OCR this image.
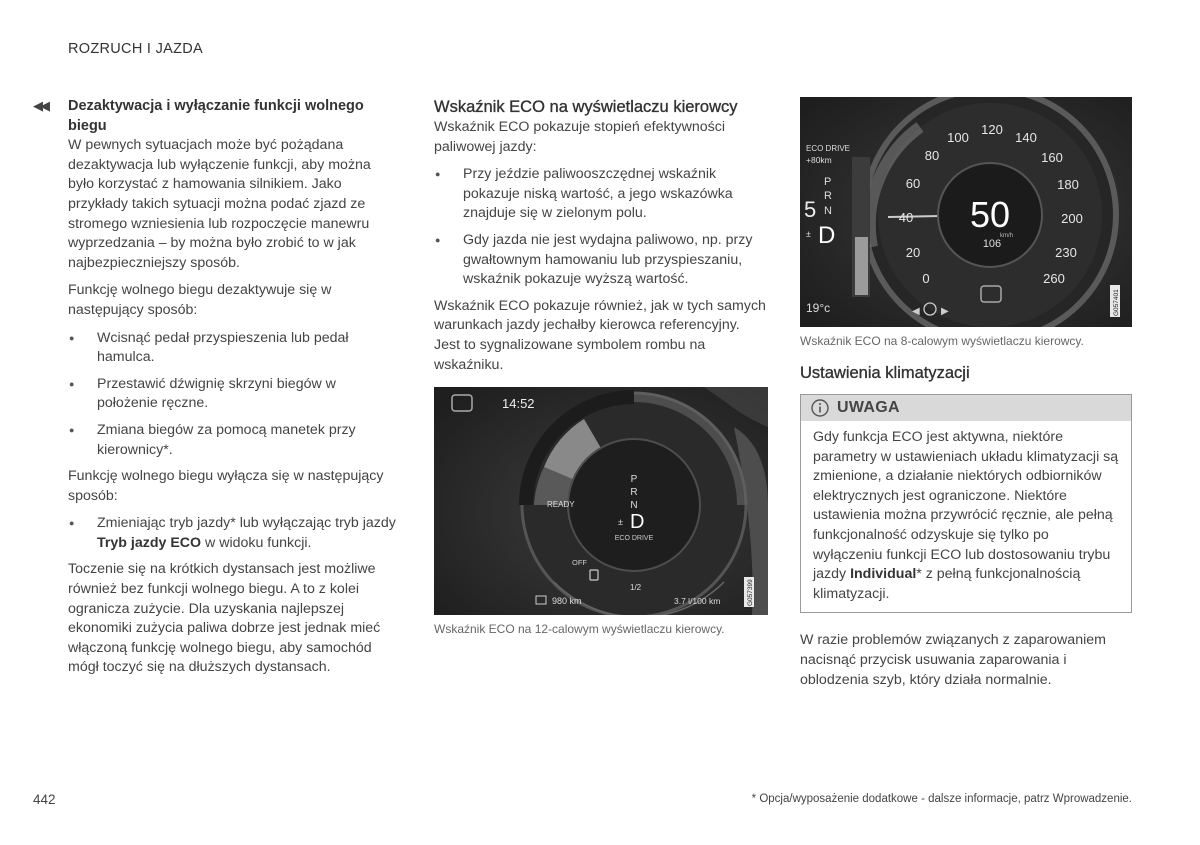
ROZRUCH I JAZDA
◀◀ Dezaktywacja i wyłączanie funkcji wolnego biegu

W pewnych sytuacjach może być pożądana dezaktywacja lub wyłączenie funkcji, aby można było korzystać z hamowania silnikiem. Jako przykłady takich sytuacji można podać zjazd ze stromego wzniesienia lub rozpoczęcie manewru wyprzedzania – by można było zrobić to w jak najbezpieczniejszy sposób.

Funkcję wolnego biegu dezaktywuje się w następujący sposób:

● Wcisnąć pedał przyspieszenia lub pedał hamulca.
● Przestawić dźwignię skrzyni biegów w położenie ręczne.
● Zmiana biegów za pomocą manetek przy kierownicy*.

Funkcję wolnego biegu wyłącza się w następujący sposób:

● Zmieniając tryb jazdy* lub wyłączając tryb jazdy Tryb jazdy ECO w widoku funkcji.

Toczenie się na krótkich dystansach jest możliwe również bez funkcji wolnego biegu. A to z kolei ogranicza zużycie. Dla uzyskania najlepszej ekonomiki zużycia paliwa dobrze jest jednak mieć włączoną funkcję wolnego biegu, aby samochód mógł toczyć się na dłuższych dystansach.

Wskaźnik ECO na wyświetlaczu kierowcy

Wskaźnik ECO pokazuje stopień efektywności paliwowej jazdy:

● Przy jeździe paliwooszczędnej wskaźnik pokazuje niską wartość, a jego wskazówka znajduje się w zielonym polu.
● Gdy jazda nie jest wydajna paliwowo, np. przy gwałtownym hamowaniu lub przyspieszaniu, wskaźnik pokazuje wyższą wartość.

Wskaźnik ECO pokazuje również, jak w tych samych warunkach jazdy jechałby kierowca referencyjny. Jest to sygnalizowane symbolem rombu na wskaźniku.

14:52
READY
P
R
N
± D
ECO DRIVE
OFF
1/2
980 km	3.7 l/100 km	G057399
Wskaźnik ECO na 12-calowym wyświetlaczu kierowcy.
ECO DRIVE
+80km
P
R
N
5
± D
50
km/h
106
0
20
40
60
80
100
120
140
160
180
200
230
260
19°c	◀ ▶	G057401
Wskaźnik ECO na 8-calowym wyświetlaczu kierowcy.
Ustawienia klimatyzacji
UWAGA
Gdy funkcja ECO jest aktywna, niektóre parametry w ustawieniach układu klimatyzacji są zmienione, a działanie niektórych odbiorników elektrycznych jest ograniczone. Niektóre ustawienia można przywrócić ręcznie, ale pełną funkcjonalność odzyskuje się tylko po wyłączeniu funkcji ECO lub dostosowaniu trybu jazdy Individual* z pełną funkcjonalnością klimatyzacji.

W razie problemów związanych z zaparowaniem nacisnąć przycisk usuwania zaparowania i oblodzenia szyb, który działa normalnie.

442	* Opcja/wyposażenie dodatkowe - dalsze informacje, patrz Wprowadzenie.
